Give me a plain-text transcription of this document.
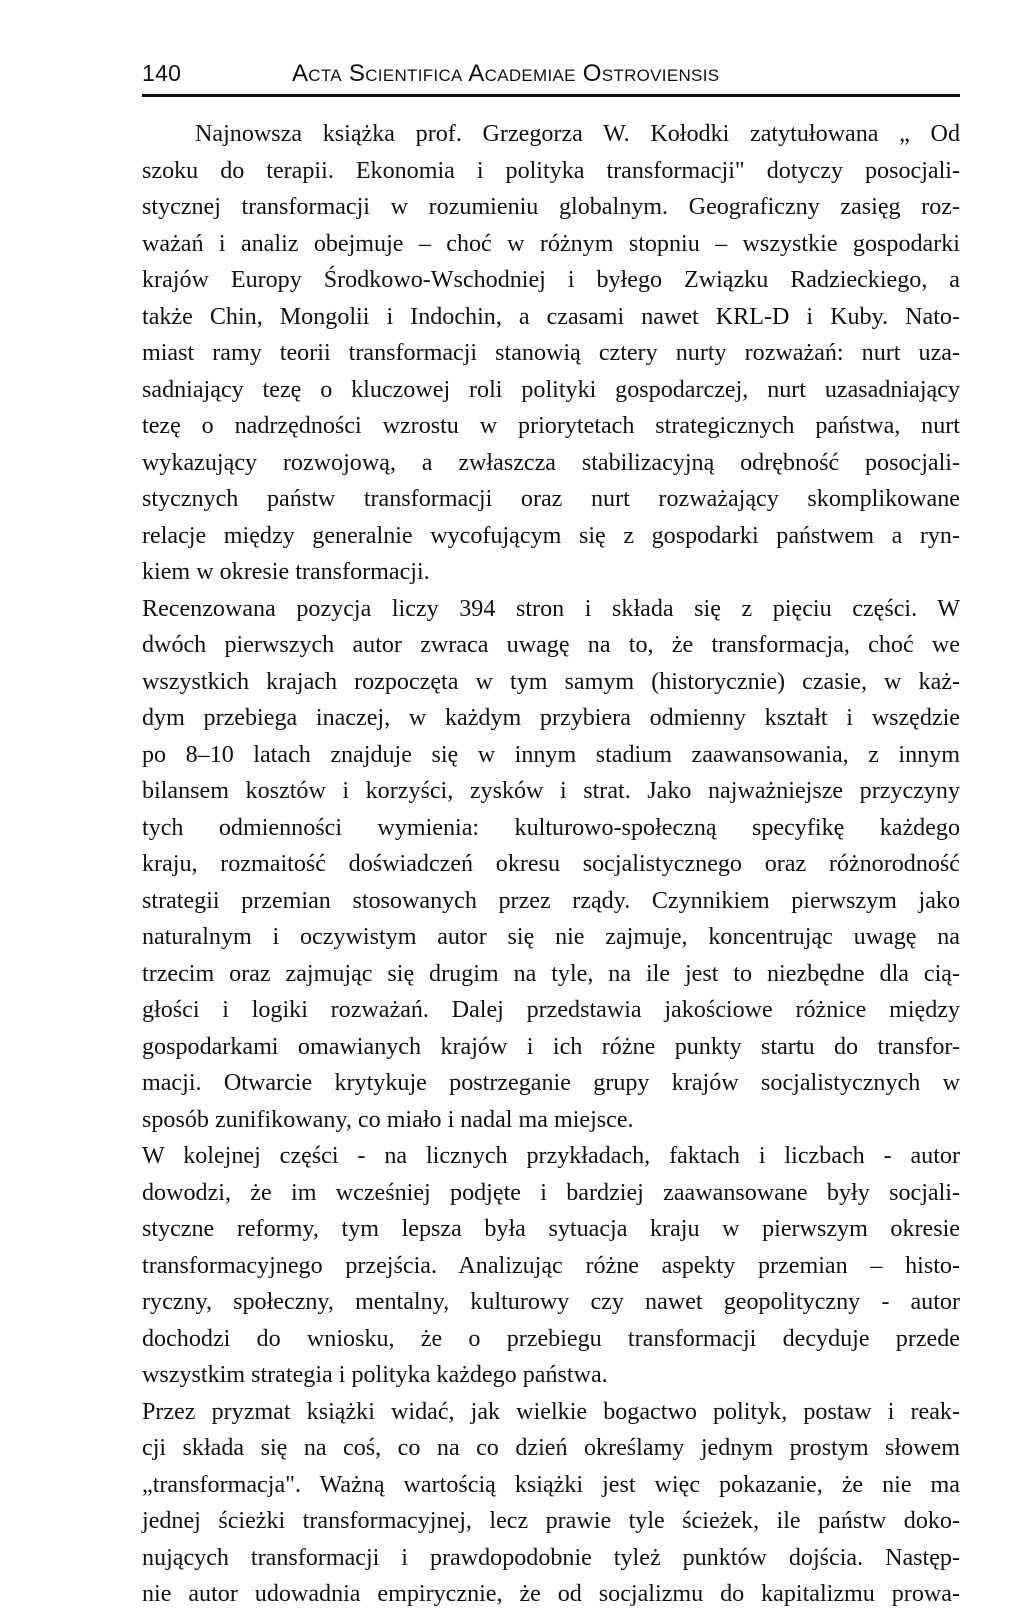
140	Acta Scientifica Academiae Ostroviensis

Najnowsza książka prof. Grzegorza W. Kołodki zatytułowana „ Od
szoku do terapii. Ekonomia i polityka transformacji" dotyczy posocjali-
stycznej transformacji w rozumieniu globalnym. Geograficzny zasięg roz-
ważań i analiz obejmuje – choć w różnym stopniu – wszystkie gospodarki
krajów Europy Środkowo-Wschodniej i byłego Związku Radzieckiego, a
także Chin, Mongolii i Indochin, a czasami nawet KRL-D i Kuby. Nato-
miast ramy teorii transformacji stanowią cztery nurty rozważań: nurt uza-
sadniający tezę o kluczowej roli polityki gospodarczej, nurt uzasadniający
tezę o nadrzędności wzrostu w priorytetach strategicznych państwa, nurt
wykazujący rozwojową, a zwłaszcza stabilizacyjną odrębność posocjali-
stycznych państw transformacji oraz nurt rozważający skomplikowane
relacje między generalnie wycofującym się z gospodarki państwem a ryn-
kiem w okresie transformacji.

Recenzowana pozycja liczy 394 stron i składa się z pięciu części. W
dwóch pierwszych autor zwraca uwagę na to, że transformacja, choć we
wszystkich krajach rozpoczęta w tym samym (historycznie) czasie, w każ-
dym przebiega inaczej, w każdym przybiera odmienny kształt i wszędzie
po 8–10 latach znajduje się w innym stadium zaawansowania, z innym
bilansem kosztów i korzyści, zysków i strat. Jako najważniejsze przyczyny
tych odmienności wymienia: kulturowo-społeczną specyfikę każdego
kraju, rozmaitość doświadczeń okresu socjalistycznego oraz różnorodność
strategii przemian stosowanych przez rządy. Czynnikiem pierwszym jako
naturalnym i oczywistym autor się nie zajmuje, koncentrując uwagę na
trzecim oraz zajmując się drugim na tyle, na ile jest to niezbędne dla cią-
głości i logiki rozważań. Dalej przedstawia jakościowe różnice między
gospodarkami omawianych krajów i ich różne punkty startu do transfor-
macji. Otwarcie krytykuje postrzeganie grupy krajów socjalistycznych w
sposób zunifikowany, co miało i nadal ma miejsce.

W kolejnej części - na licznych przykładach, faktach i liczbach - autor
dowodzi, że im wcześniej podjęte i bardziej zaawansowane były socjali-
styczne reformy, tym lepsza była sytuacja kraju w pierwszym okresie
transformacyjnego przejścia. Analizując różne aspekty przemian – histo-
ryczny, społeczny, mentalny, kulturowy czy nawet geopolityczny - autor
dochodzi do wniosku, że o przebiegu transformacji decyduje przede
wszystkim strategia i polityka każdego państwa.

Przez pryzmat książki widać, jak wielkie bogactwo polityk, postaw i reak-
cji składa się na coś, co na co dzień określamy jednym prostym słowem
„transformacja". Ważną wartością książki jest więc pokazanie, że nie ma
jednej ścieżki transformacyjnej, lecz prawie tyle ścieżek, ile państw doko-
nujących transformacji i prawdopodobnie tyleż punktów dojścia. Następ-
nie autor udowadnia empirycznie, że od socjalizmu do kapitalizmu prowa-
